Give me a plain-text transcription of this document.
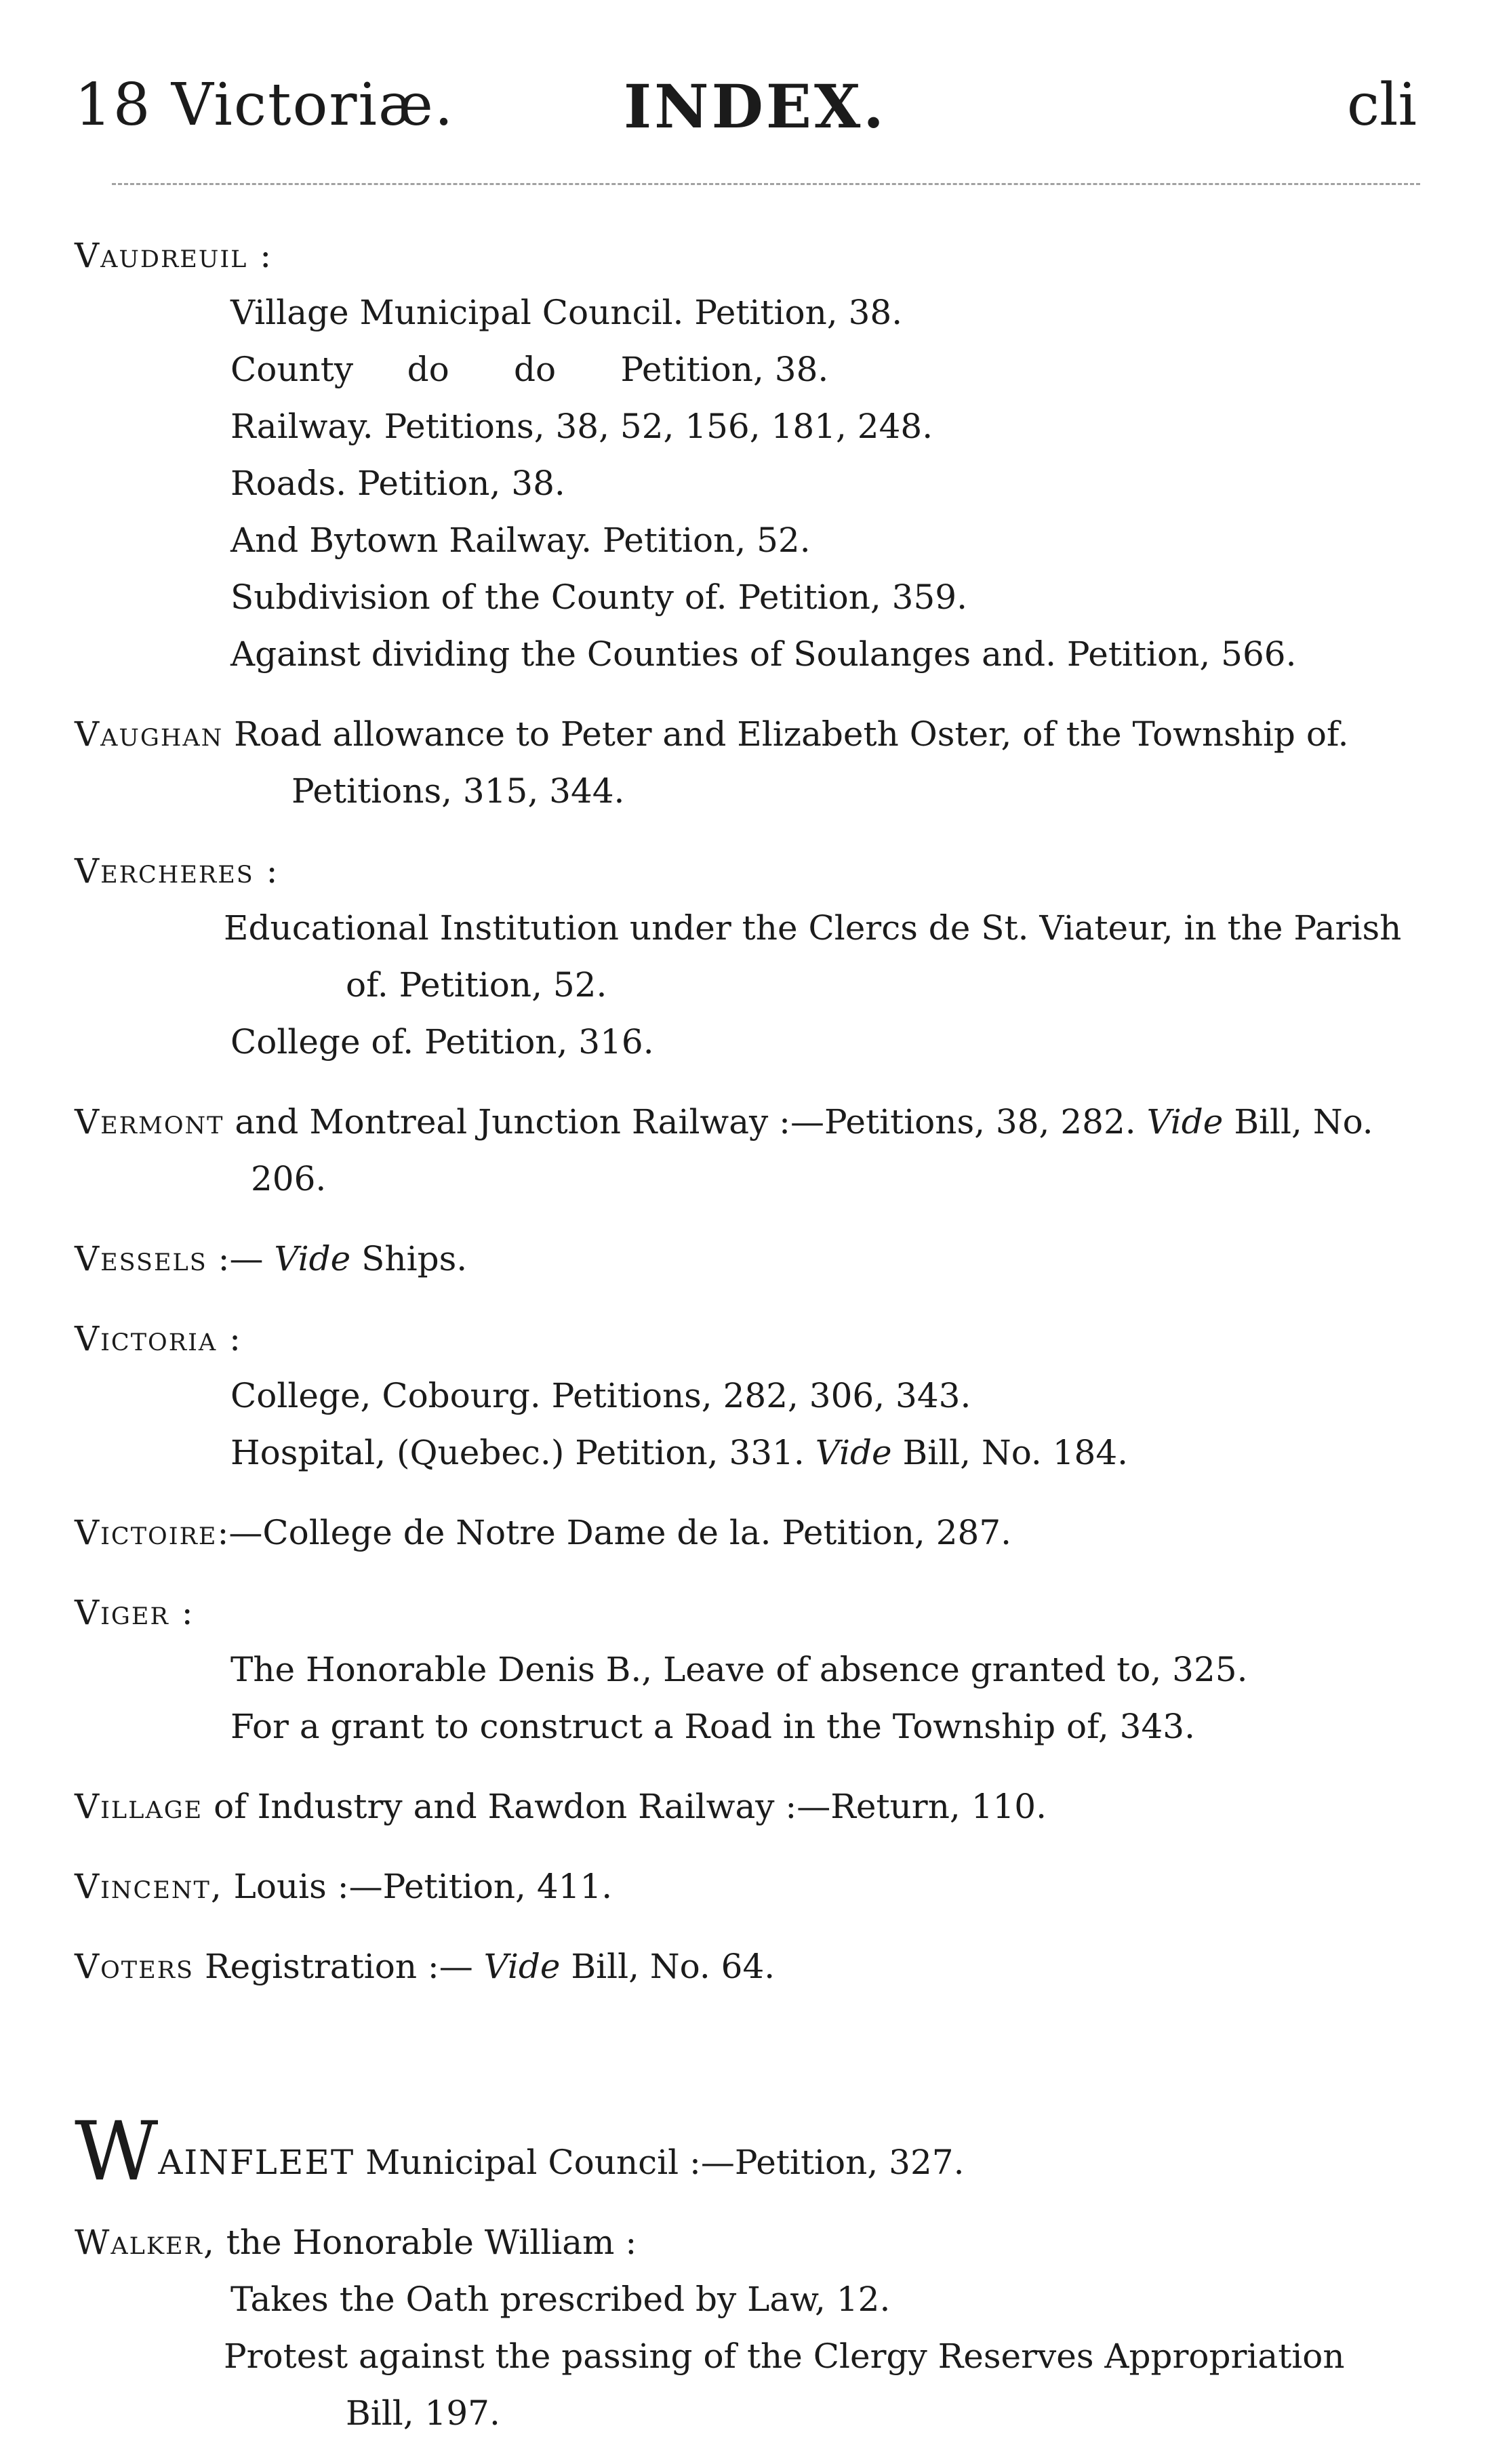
18 Victoriæ.	INDEX.	cli
Vaudreuil :
Village Municipal Council. Petition, 38.
County     do      do      Petition, 38.
Railway. Petitions, 38, 52, 156, 181, 248.
Roads. Petition, 38.
And Bytown Railway. Petition, 52.
Subdivision of the County of. Petition, 359.
Against dividing the Counties of Soulanges and. Petition, 566.
Vaughan Road allowance to Peter and Elizabeth Oster, of the Township of. Petitions, 315, 344.
Vercheres :
Educational Institution under the Clercs de St. Viateur, in the Parish of. Petition, 52.
College of. Petition, 316.
Vermont and Montreal Junction Railway :—Petitions, 38, 282. Vide Bill, No. 206.
Vessels :— Vide Ships.
Victoria :
College, Cobourg. Petitions, 282, 306, 343.
Hospital, (Quebec.) Petition, 331. Vide Bill, No. 184.
Victoire:—College de Notre Dame de la. Petition, 287.
Viger :
The Honorable Denis B., Leave of absence granted to, 325.
For a grant to construct a Road in the Township of, 343.
Village of Industry and Rawdon Railway :—Return, 110.
Vincent, Louis :—Petition, 411.
Voters Registration :— Vide Bill, No. 64.
WAINFLEET Municipal Council :—Petition, 327.
Walker, the Honorable William :
Takes the Oath prescribed by Law, 12.
Protest against the passing of the Clergy Reserves Appropriation Bill, 197.
